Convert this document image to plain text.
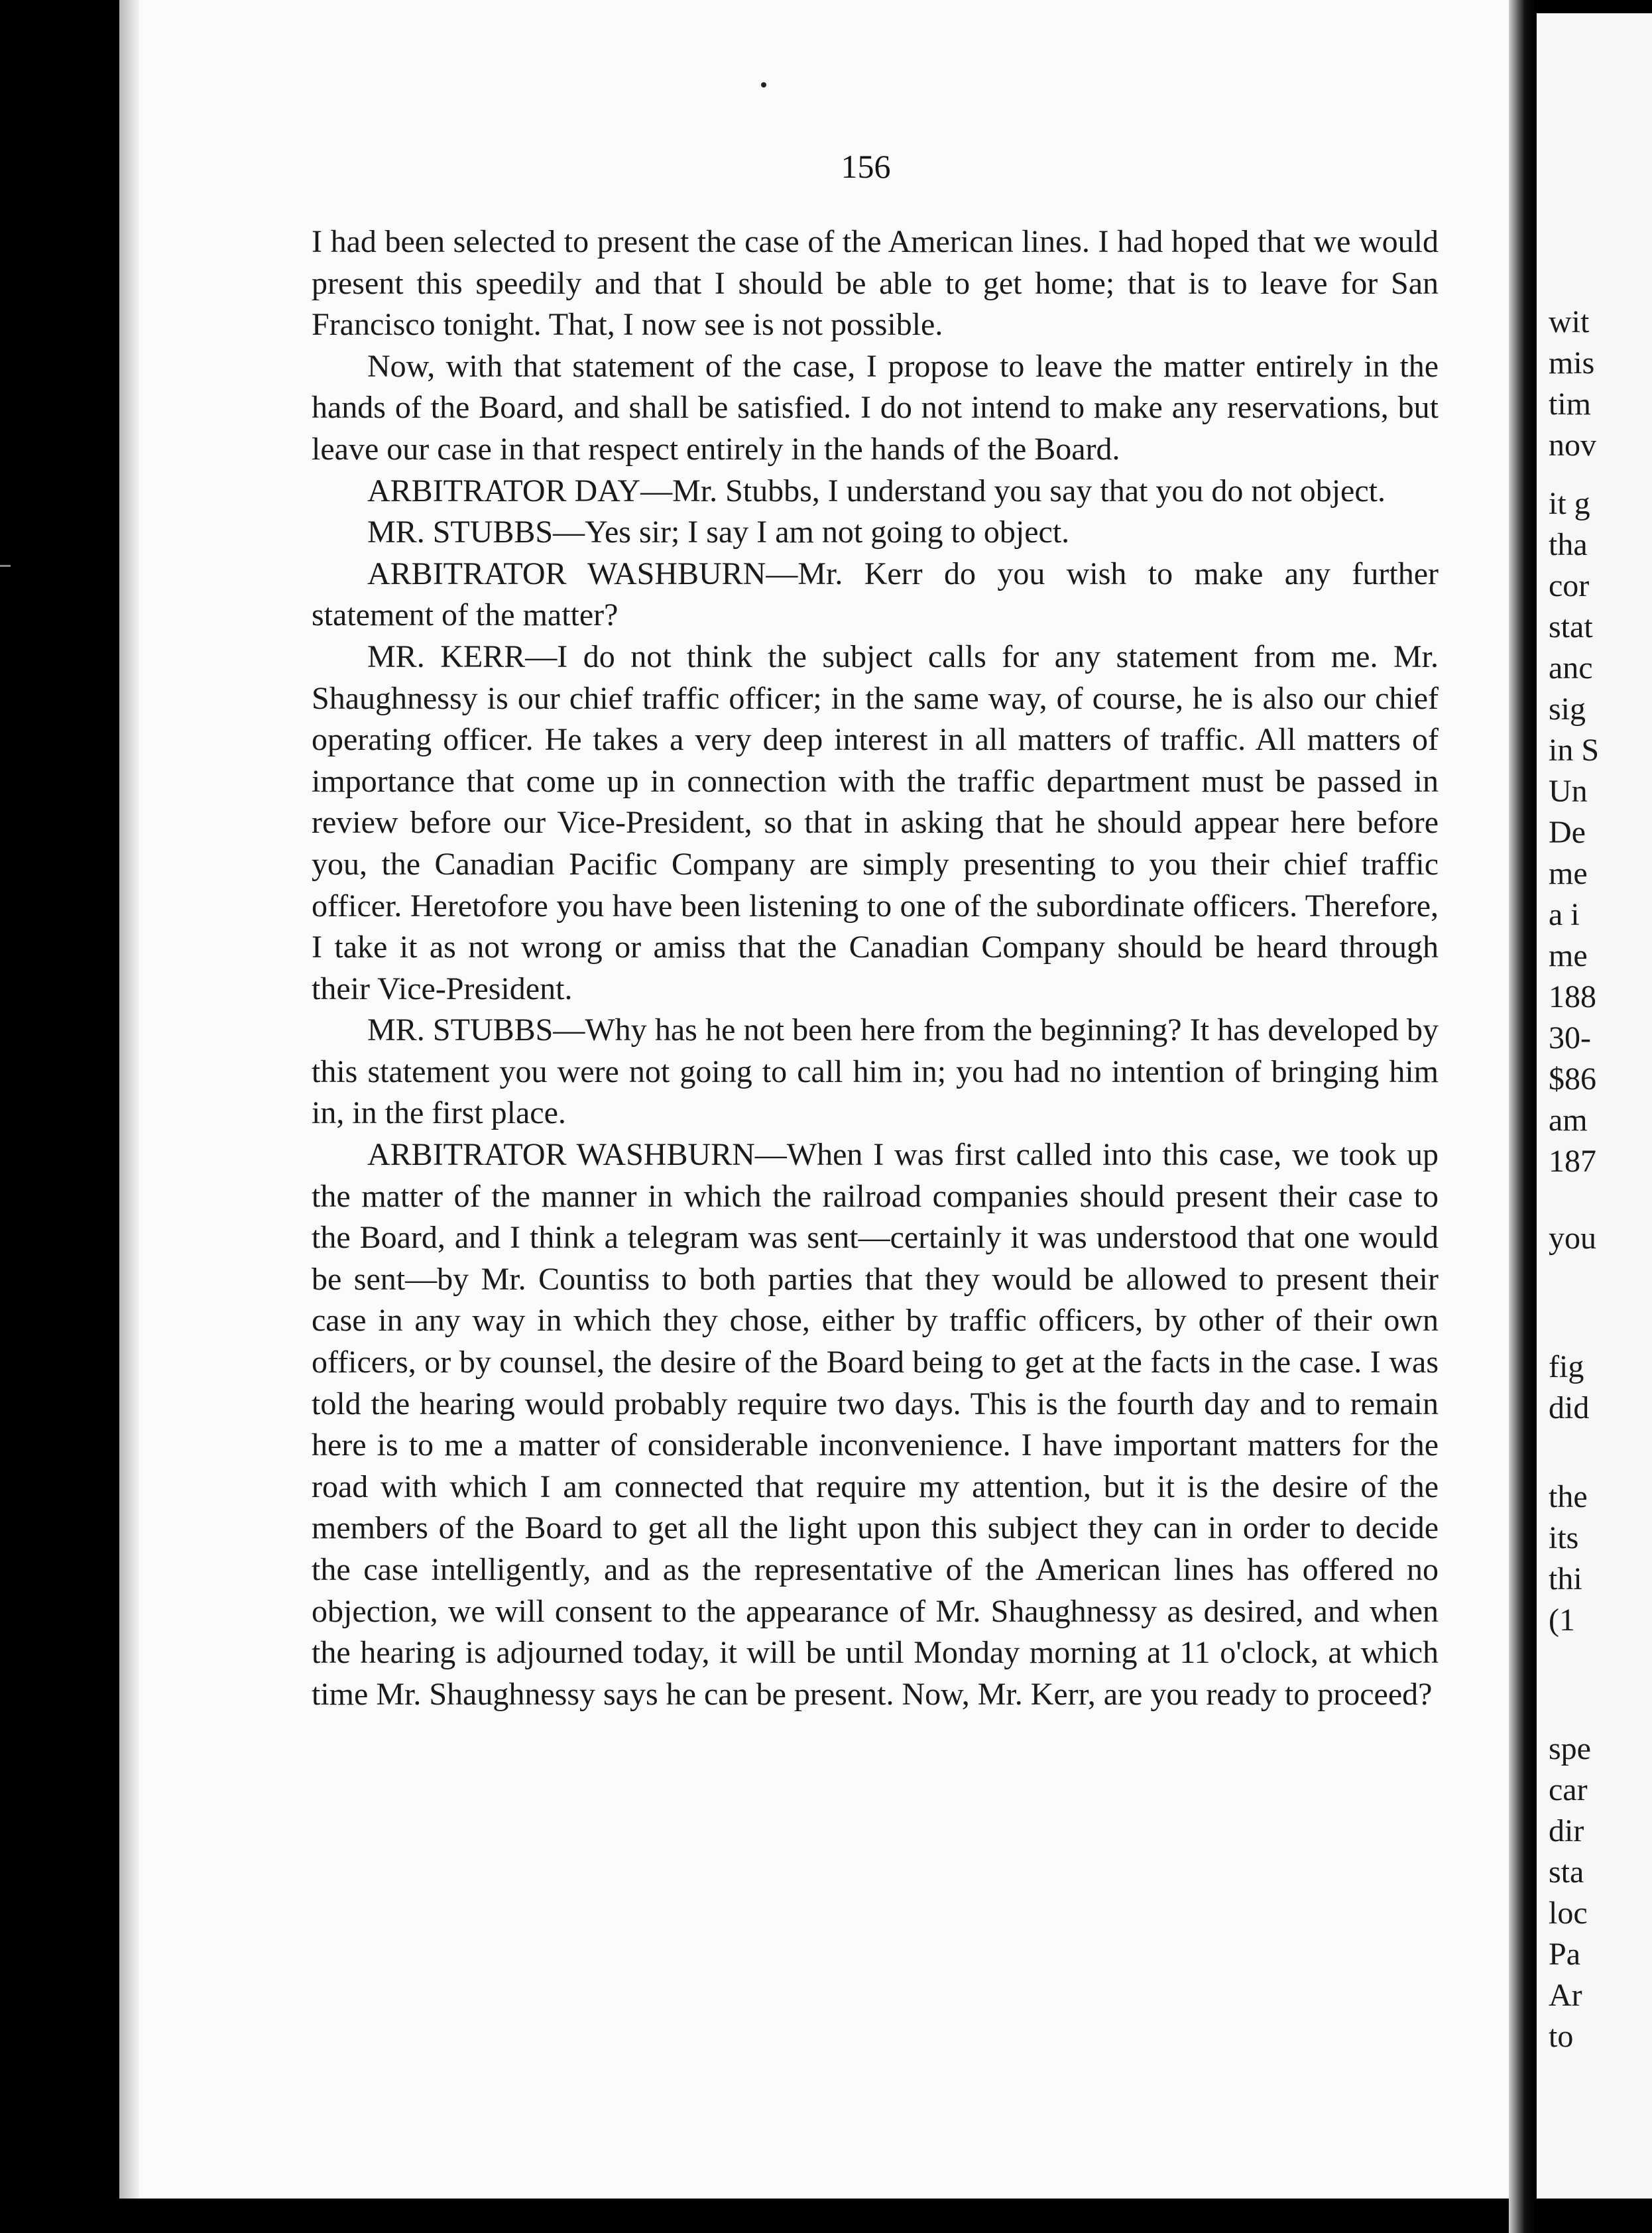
156

I had been selected to present the case of the American lines. I had hoped that we would present this speedily and that I should be able to get home; that is to leave for San Francisco tonight. That, I now see is not possible.

Now, with that statement of the case, I propose to leave the matter entirely in the hands of the Board, and shall be satisfied. I do not intend to make any reservations, but leave our case in that respect entirely in the hands of the Board.

ARBITRATOR DAY—Mr. Stubbs, I understand you say that you do not object.

MR. STUBBS—Yes sir; I say I am not going to object.

ARBITRATOR WASHBURN—Mr. Kerr do you wish to make any further statement of the matter?

MR. KERR—I do not think the subject calls for any statement from me. Mr. Shaughnessy is our chief traffic officer; in the same way, of course, he is also our chief operating officer. He takes a very deep interest in all matters of traffic. All matters of importance that come up in connection with the traffic department must be passed in review before our Vice-President, so that in asking that he should appear here before you, the Canadian Pacific Company are simply presenting to you their chief traffic officer. Heretofore you have been listening to one of the subordinate officers. Therefore, I take it as not wrong or amiss that the Canadian Company should be heard through their Vice-President.

MR. STUBBS—Why has he not been here from the beginning? It has developed by this statement you were not going to call him in; you had no intention of bringing him in, in the first place.

ARBITRATOR WASHBURN—When I was first called into this case, we took up the matter of the manner in which the railroad companies should present their case to the Board, and I think a telegram was sent—certainly it was understood that one would be sent—by Mr. Countiss to both parties that they would be allowed to present their case in any way in which they chose, either by traffic officers, by other of their own officers, or by counsel, the desire of the Board being to get at the facts in the case. I was told the hearing would probably require two days. This is the fourth day and to remain here is to me a matter of considerable inconvenience. I have important matters for the road with which I am connected that require my attention, but it is the desire of the members of the Board to get all the light upon this subject they can in order to decide the case intelligently, and as the representative of the American lines has offered no objection, we will consent to the appearance of Mr. Shaughnessy as desired, and when the hearing is adjourned today, it will be until Monday morning at 11 o'clock, at which time Mr. Shaughnessy says he can be present. Now, Mr. Kerr, are you ready to proceed?

wit
mis
tim
nov
it g
tha
cor
stat
anc
sig
in S
Un
De
me
a i
me
188
30-
$86
am
187
you
fig
did
the
its
thi
(1
spe
car
dir
sta
loc
Pa
Ar
to
